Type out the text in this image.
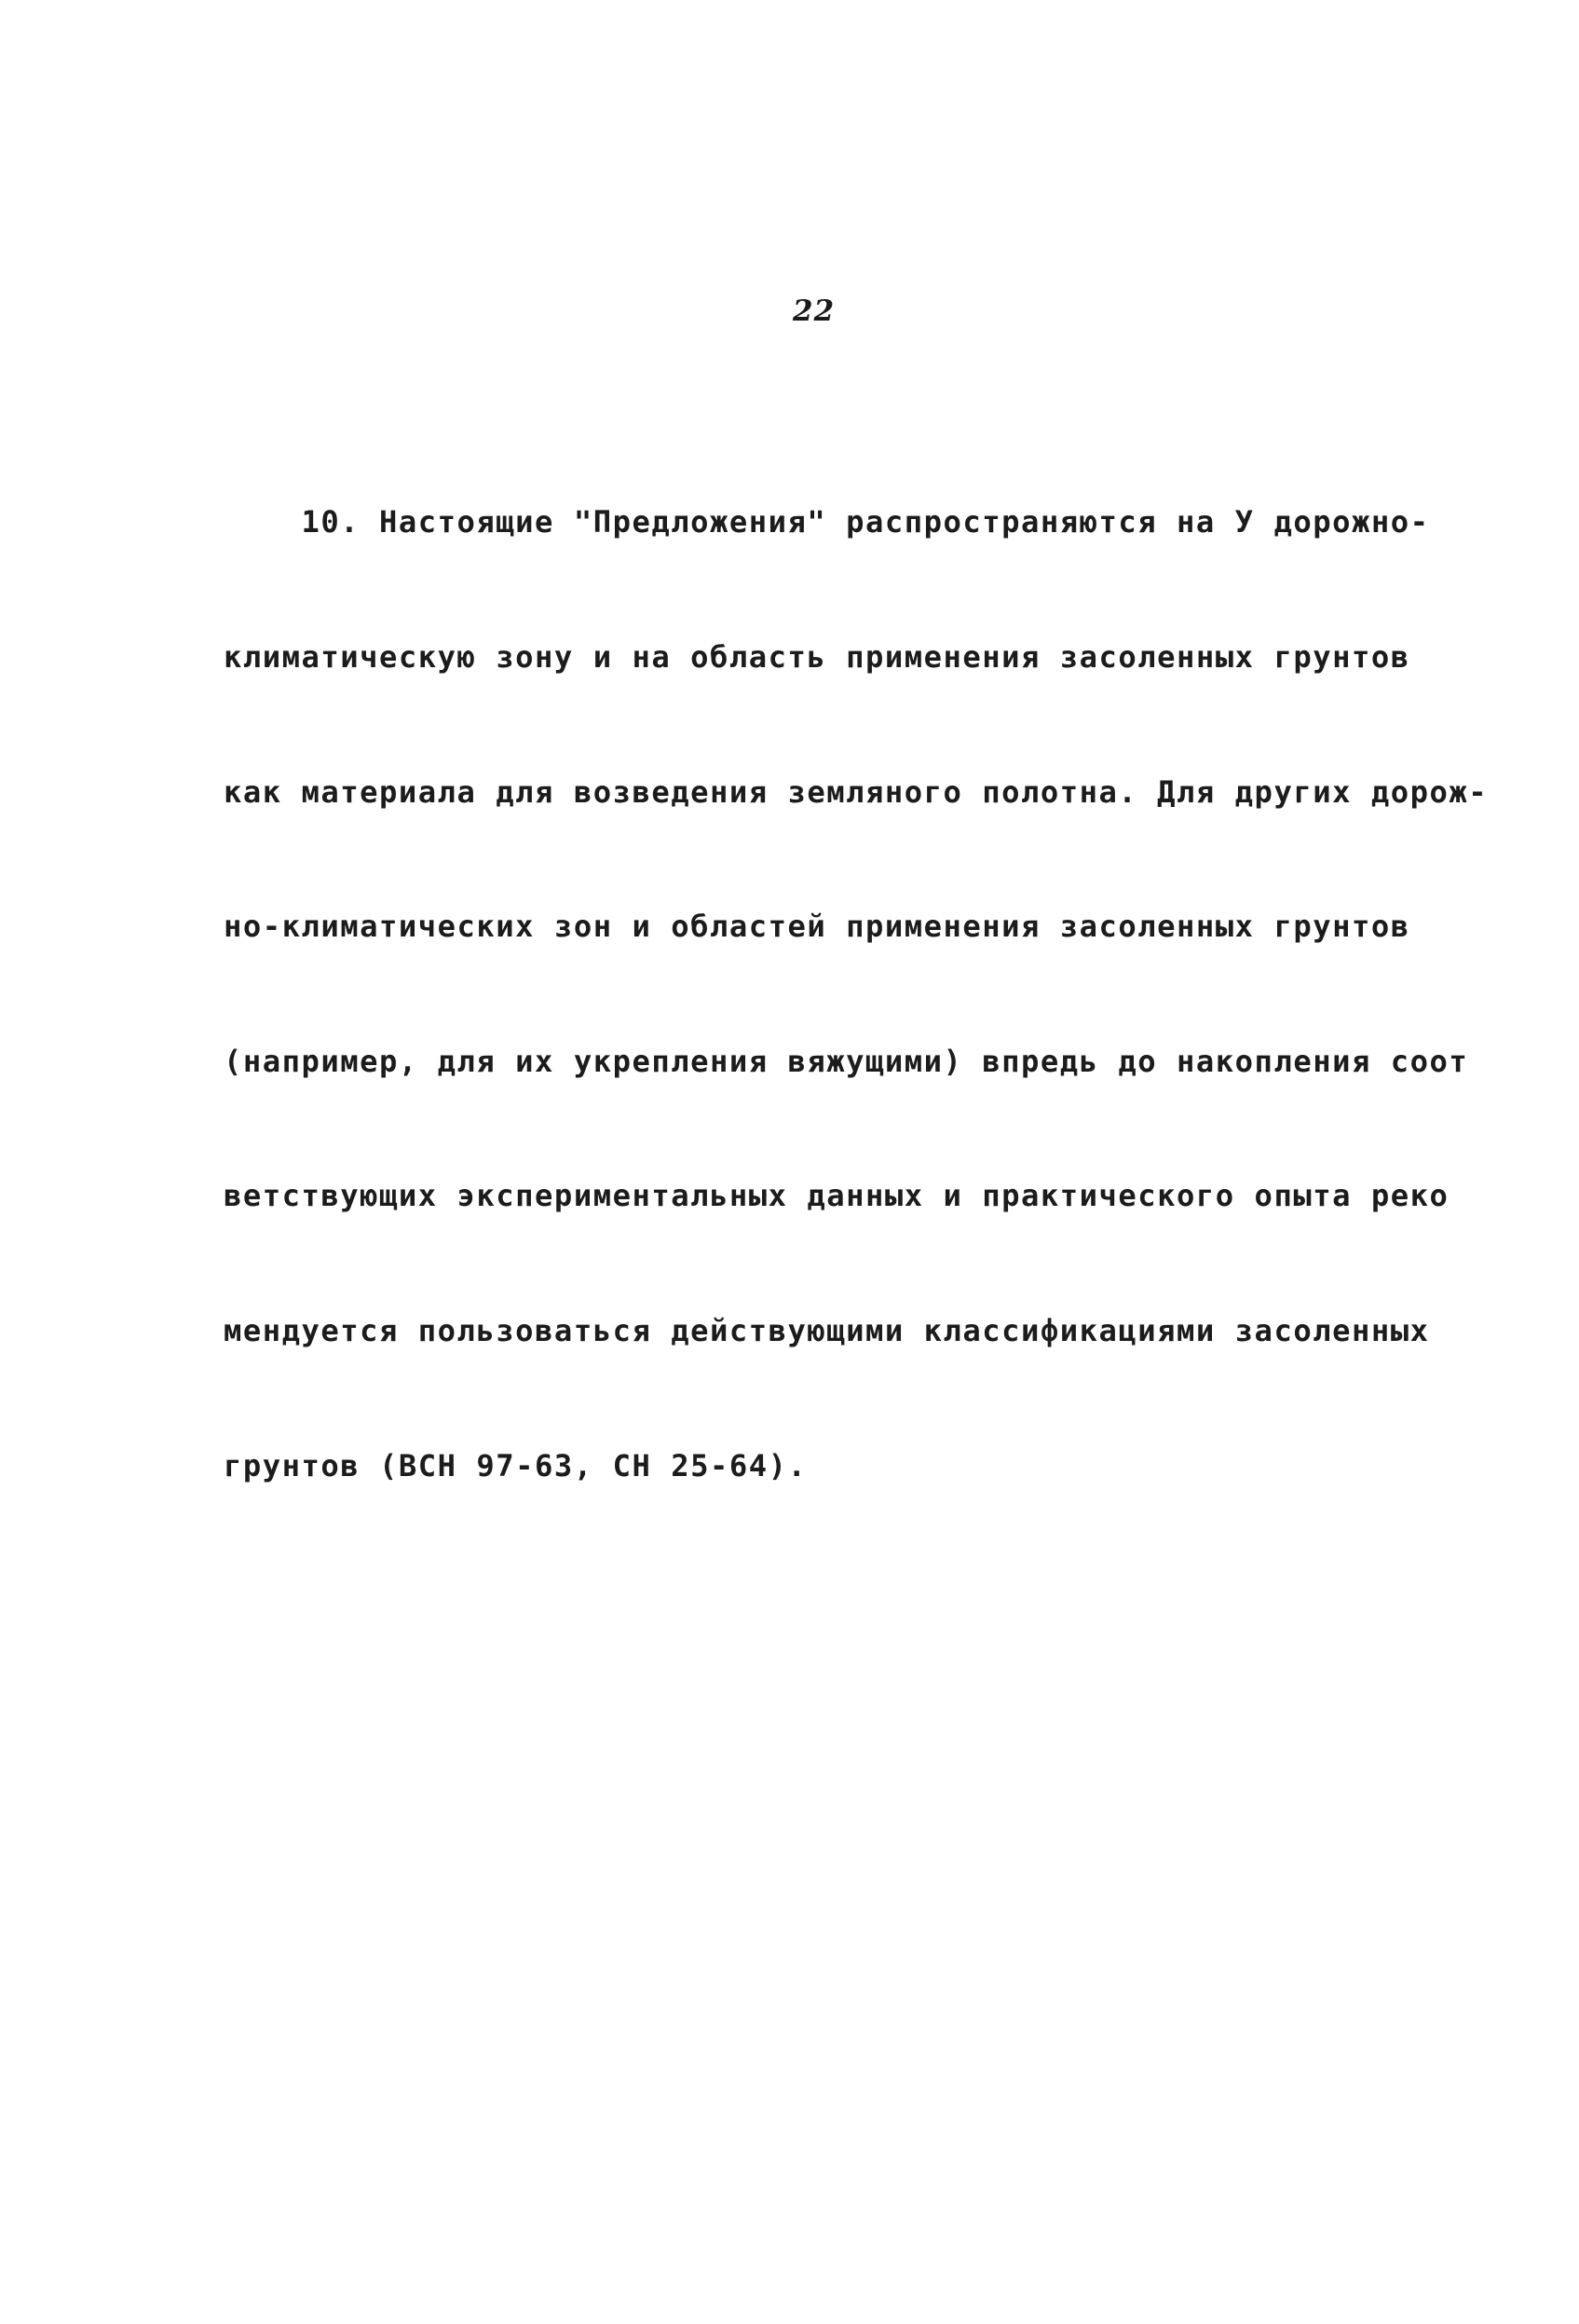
22

10. Настоящие "Предложения" распространяются на У дорожно-

климатическую зону и на область применения засоленных грунтов

как материала для возведения земляного полотна. Для других дорож-

но-климатических зон и областей применения засоленных грунтов

(например, для их укрепления вяжущими) впредь до накопления соот

ветствующих экспериментальных данных и практического опыта реко

мендуется пользоваться действующими классификациями засоленных

грунтов (ВСН 97-63, СН 25-64).
